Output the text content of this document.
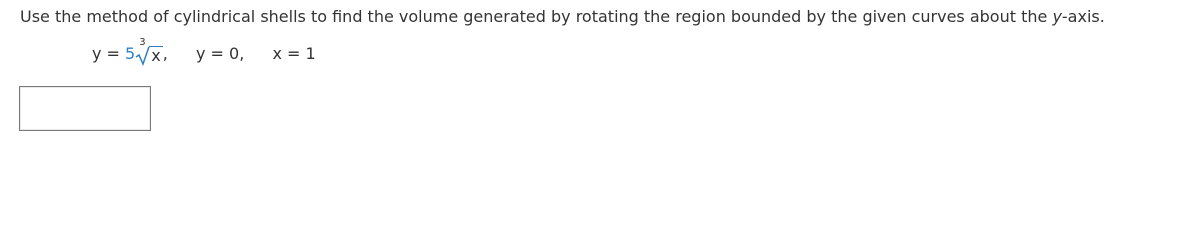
Use the method of cylindrical shells to find the volume generated by rotating the region bounded by the given curves about the y-axis.
y = 5
3
x , y = 0, x = 1
